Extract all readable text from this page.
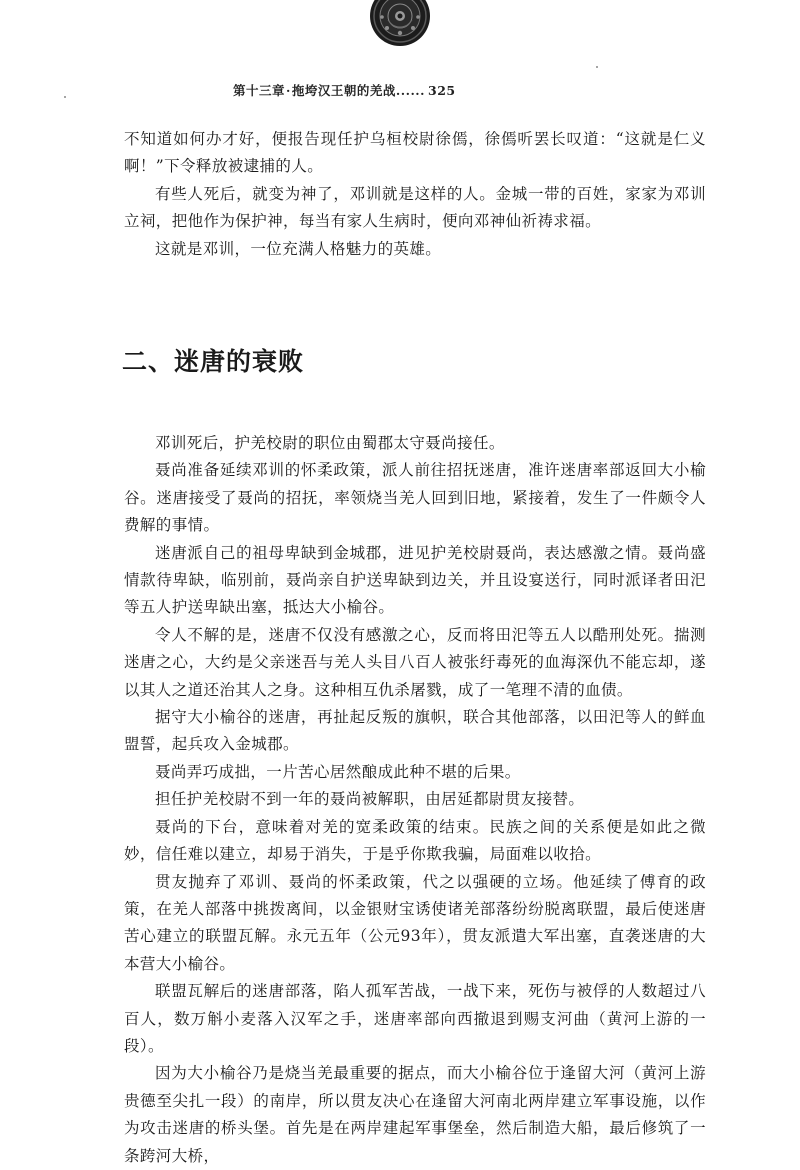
第十三章·拖垮汉王朝的羌战...... 325

不知道如何办才好，便报告现任护乌桓校尉徐傿，徐傿听罢长叹道：“这就是仁义啊！”下令释放被逮捕的人。

有些人死后，就变为神了，邓训就是这样的人。金城一带的百姓，家家为邓训立祠，把他作为保护神，每当有家人生病时，便向邓神仙祈祷求福。

这就是邓训，一位充满人格魅力的英雄。

二、迷唐的衰败

邓训死后，护羌校尉的职位由蜀郡太守聂尚接任。

聂尚准备延续邓训的怀柔政策，派人前往招抚迷唐，准许迷唐率部返回大小榆谷。迷唐接受了聂尚的招抚，率领烧当羌人回到旧地，紧接着，发生了一件颇令人费解的事情。

迷唐派自己的祖母卑缺到金城郡，进见护羌校尉聂尚，表达感激之情。聂尚盛情款待卑缺，临别前，聂尚亲自护送卑缺到边关，并且设宴送行，同时派译者田汜等五人护送卑缺出塞，抵达大小榆谷。

令人不解的是，迷唐不仅没有感激之心，反而将田汜等五人以酷刑处死。揣测迷唐之心，大约是父亲迷吾与羌人头目八百人被张纡毒死的血海深仇不能忘却，遂以其人之道还治其人之身。这种相互仇杀屠戮，成了一笔理不清的血债。

据守大小榆谷的迷唐，再扯起反叛的旗帜，联合其他部落，以田汜等人的鲜血盟誓，起兵攻入金城郡。

聂尚弄巧成拙，一片苦心居然酿成此种不堪的后果。

担任护羌校尉不到一年的聂尚被解职，由居延都尉贯友接替。

聂尚的下台，意味着对羌的宽柔政策的结束。民族之间的关系便是如此之微妙，信任难以建立，却易于消失，于是乎你欺我骗，局面难以收拾。

贯友抛弃了邓训、聂尚的怀柔政策，代之以强硬的立场。他延续了傅育的政策，在羌人部落中挑拨离间，以金银财宝诱使诸羌部落纷纷脱离联盟，最后使迷唐苦心建立的联盟瓦解。永元五年（公元93年），贯友派遣大军出塞，直袭迷唐的大本营大小榆谷。

联盟瓦解后的迷唐部落，陷人孤军苦战，一战下来，死伤与被俘的人数超过八百人，数万斛小麦落入汉军之手，迷唐率部向西撤退到赐支河曲（黄河上游的一段）。

因为大小榆谷乃是烧当羌最重要的据点，而大小榆谷位于逢留大河（黄河上游贵德至尖扎一段）的南岸，所以贯友决心在逢留大河南北两岸建立军事设施，以作为攻击迷唐的桥头堡。首先是在两岸建起军事堡垒，然后制造大船，最后修筑了一条跨河大桥，
